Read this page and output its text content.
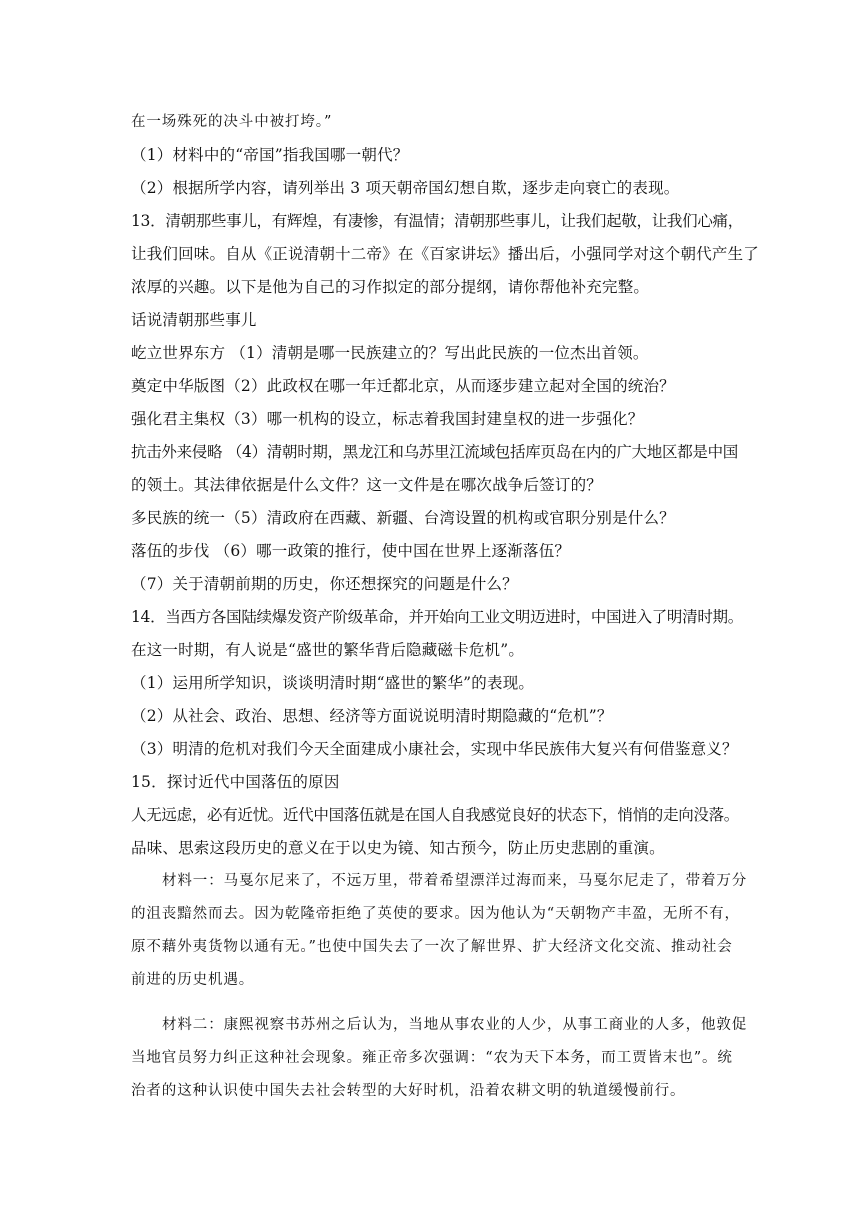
在一场殊死的决斗中被打垮。”
（1）材料中的“帝国”指我国哪一朝代？
（2）根据所学内容，请列举出 3 项天朝帝国幻想自欺，逐步走向衰亡的表现。
13．清朝那些事儿，有辉煌，有凄惨，有温情；清朝那些事儿，让我们起敬，让我们心痛，
让我们回味。自从《正说清朝十二帝》在《百家讲坛》播出后，小强同学对这个朝代产生了
浓厚的兴趣。以下是他为自己的习作拟定的部分提纲，请你帮他补充完整。
话说清朝那些事儿
屹立世界东方 （1）清朝是哪一民族建立的？写出此民族的一位杰出首领。
奠定中华版图（2）此政权在哪一年迁都北京，从而逐步建立起对全国的统治？
强化君主集权（3）哪一机构的设立，标志着我国封建皇权的进一步强化？
抗击外来侵略 （4）清朝时期，黑龙江和乌苏里江流域包括库页岛在内的广大地区都是中国
的领土。其法律依据是什么文件？这一文件是在哪次战争后签订的？
多民族的统一（5）清政府在西藏、新疆、台湾设置的机构或官职分别是什么？
落伍的步伐 （6）哪一政策的推行，使中国在世界上逐渐落伍？
（7）关于清朝前期的历史，你还想探究的问题是什么？
14．当西方各国陆续爆发资产阶级革命，并开始向工业文明迈进时，中国进入了明清时期。
在这一时期，有人说是“盛世的繁华背后隐藏磁卡危机”。
（1）运用所学知识，谈谈明清时期“盛世的繁华”的表现。
（2）从社会、政治、思想、经济等方面说说明清时期隐藏的“危机”？
（3）明清的危机对我们今天全面建成小康社会，实现中华民族伟大复兴有何借鉴意义？
15．探讨近代中国落伍的原因
人无远虑，必有近忧。近代中国落伍就是在国人自我感觉良好的状态下，悄悄的走向没落。
品味、思索这段历史的意义在于以史为镜、知古预今，防止历史悲剧的重演。
材料一：马戛尔尼来了，不远万里，带着希望漂洋过海而来，马戛尔尼走了，带着万分
的沮丧黯然而去。因为乾隆帝拒绝了英使的要求。因为他认为“天朝物产丰盈，无所不有，
原不藉外夷货物以通有无。”也使中国失去了一次了解世界、扩大经济文化交流、推动社会
前进的历史机遇。
材料二：康熙视察书苏州之后认为，当地从事农业的人少，从事工商业的人多，他敦促
当地官员努力纠正这种社会现象。雍正帝多次强调：“农为天下本务，而工贾皆末也”。统
治者的这种认识使中国失去社会转型的大好时机，沿着农耕文明的轨道缓慢前行。
